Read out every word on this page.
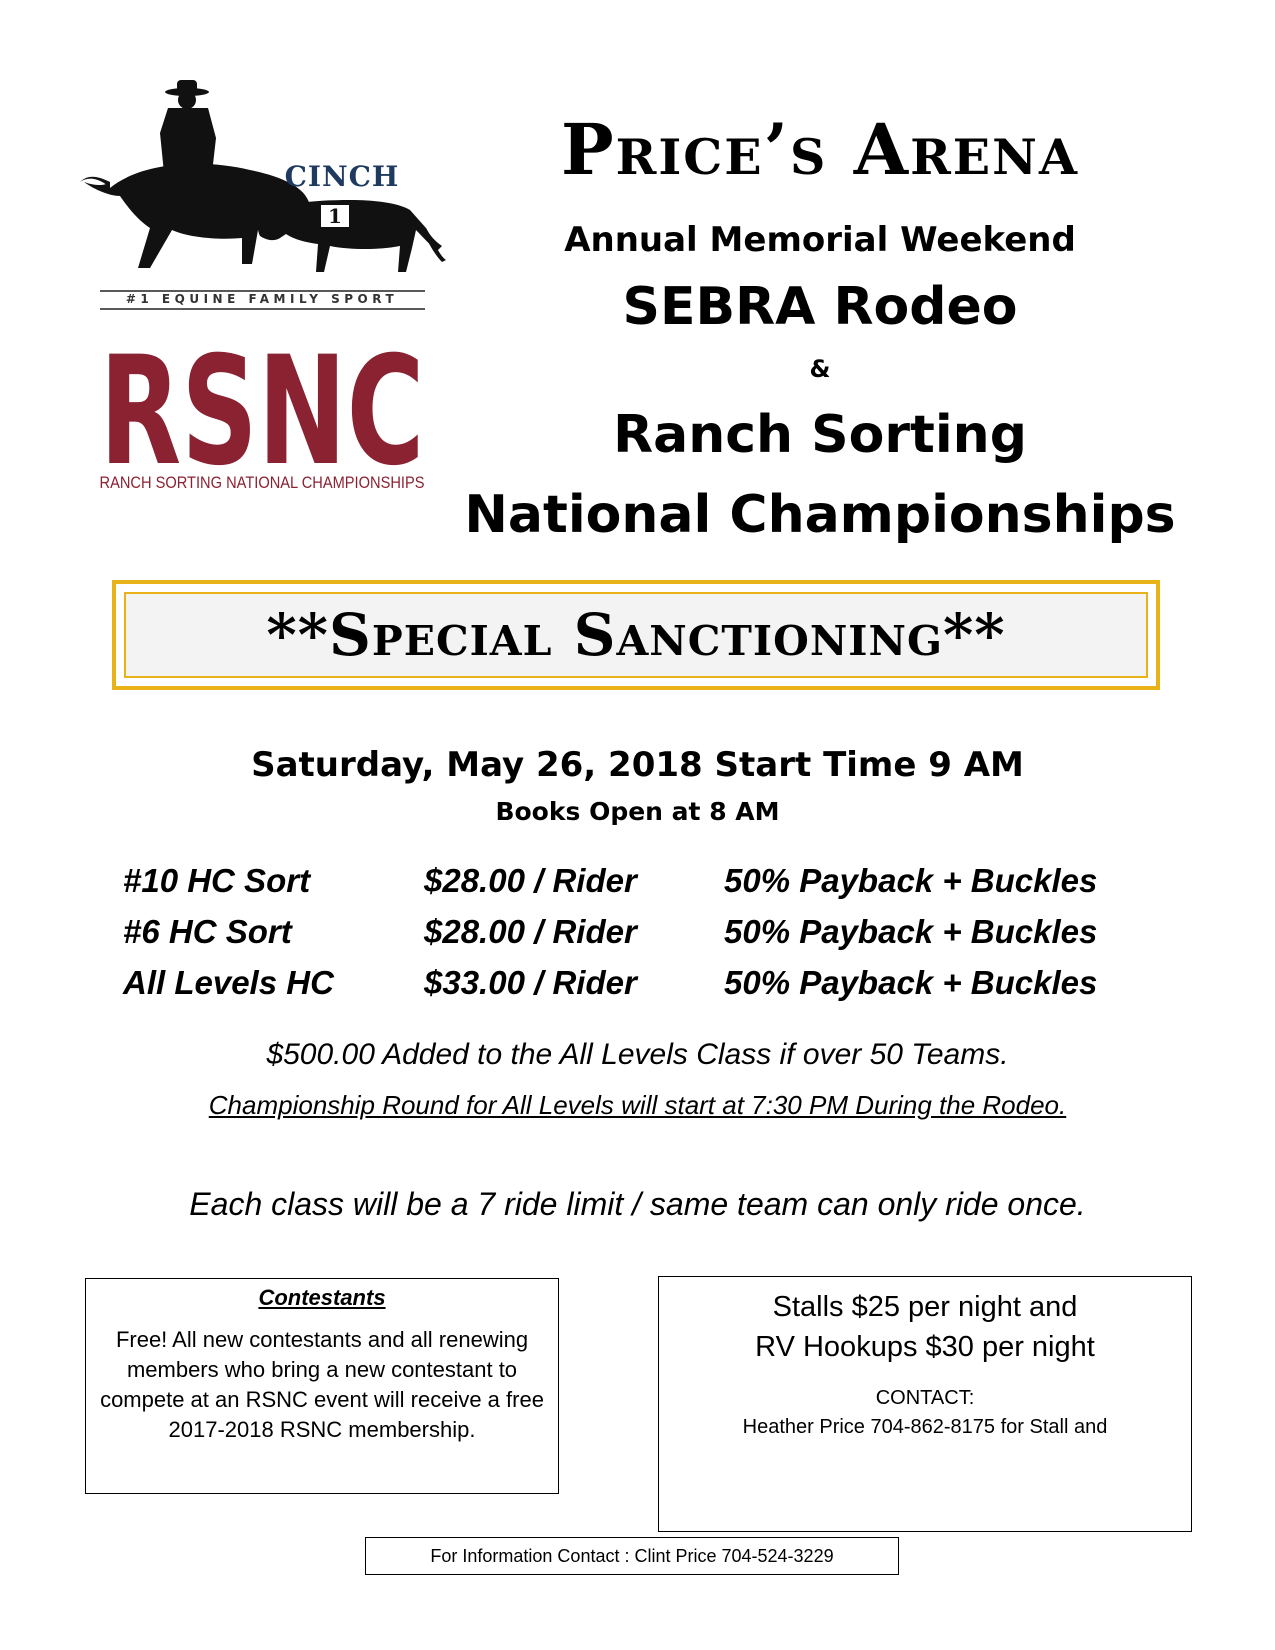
1
CINCH
#1 EQUINE FAMILY SPORT
RSNC
RANCH SORTING NATIONAL CHAMPIONSHIPS
Price’s Arena
Annual Memorial Weekend
SEBRA Rodeo
&
Ranch Sorting
National Championships
**Special Sanctioning**
Saturday, May 26, 2018 Start Time 9 AM
Books Open at 8 AM
#10 HC Sort	$28.00 / Rider	50% Payback + Buckles
#6 HC Sort	$28.00 / Rider	50% Payback + Buckles
All Levels HC	$33.00 / Rider	50% Payback + Buckles
$500.00 Added to the All Levels Class if over 50 Teams.
Championship Round for All Levels will start at 7:30 PM During the Rodeo.
Each class will be a 7 ride limit / same team can only ride once.
Contestants
Free! All new contestants and all renewing
members who bring a new contestant to
compete at an RSNC event will receive a free
2017-2018 RSNC membership.
Stalls $25 per night and
RV Hookups $30 per night
CONTACT:
Heather Price 704-862-8175 for Stall and
For Information Contact : Clint Price 704-524-3229
